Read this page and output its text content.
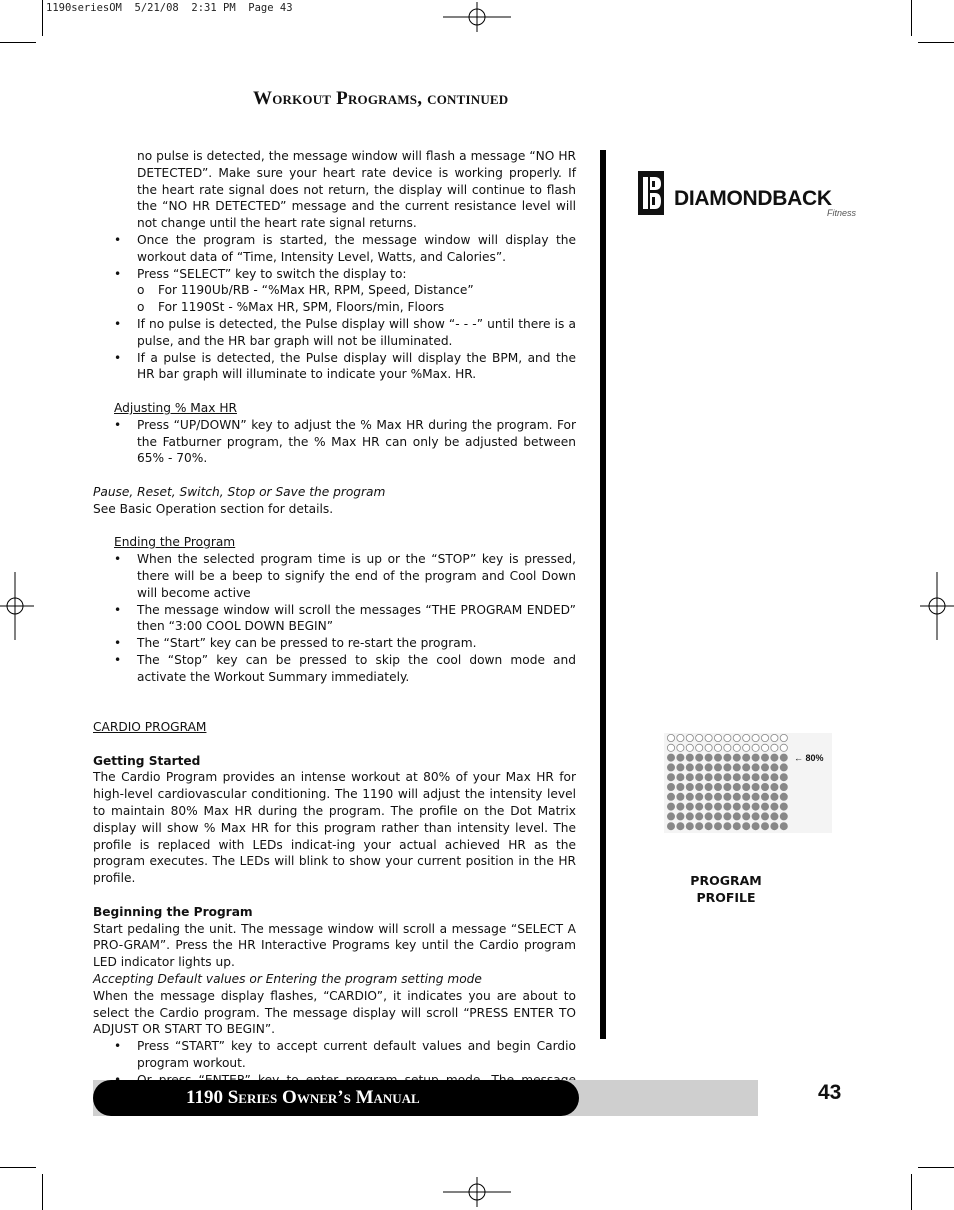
1190seriesOM  5/21/08  2:31 PM  Page 43
Workout Programs, continued

no pulse is detected, the message window will flash a message “NO HR DETECTED”. Make sure your heart rate device is working properly. If the heart rate signal does not return, the display will continue to flash the “NO HR DETECTED” message and the current resistance level will not change until the heart rate signal returns.

• Once the program is started, the message window will display the workout data of “Time, Intensity Level, Watts, and Calories”.
• Press “SELECT” key to switch the display to:
o For 1190Ub/RB - “%Max HR, RPM, Speed, Distance”
o For 1190St - %Max HR, SPM, Floors/min, Floors
• If no pulse is detected, the Pulse display will show “- - -” until there is a pulse, and the HR bar graph will not be illuminated.
• If a pulse is detected, the Pulse display will display the BPM, and the HR bar graph will illuminate to indicate your %Max. HR.

Adjusting % Max HR

• Press “UP/DOWN” key to adjust the % Max HR during the program. For the Fatburner program, the % Max HR can only be adjusted between 65% - 70%.

Pause, Reset, Switch, Stop or Save the program

See Basic Operation section for details.

Ending the Program

• When the selected program time is up or the “STOP” key is pressed, there will be a beep to signify the end of the program and Cool Down will become active
• The message window will scroll the messages “THE PROGRAM ENDED” then “3:00 COOL DOWN BEGIN”
• The “Start” key can be pressed to re-start the program.
• The “Stop” key can be pressed to skip the cool down mode and activate the Workout Summary immediately.

CARDIO PROGRAM

Getting Started

The Cardio Program provides an intense workout at 80% of your Max HR for high-level cardiovascular conditioning. The 1190 will adjust the intensity level to maintain 80% Max HR during the program. The profile on the Dot Matrix display will show % Max HR for this program rather than intensity level. The profile is replaced with LEDs indicat-ing your actual achieved HR as the program executes. The LEDs will blink to show your current position in the HR profile.

Beginning the Program

Start pedaling the unit. The message window will scroll a message “SELECT A PRO-GRAM”. Press the HR Interactive Programs key until the Cardio program LED indicator lights up.

Accepting Default values or Entering the program setting mode

When the message display flashes, “CARDIO”, it indicates you are about to select the Cardio program. The message display will scroll “PRESS ENTER TO ADJUST OR START TO BEGIN”.

• Press “START” key to accept current default values and begin Cardio program workout.
DIAMONDBACK
Fitness
← 80%
PROGRAM
PROFILE
1190 Series Owner’s Manual	43
